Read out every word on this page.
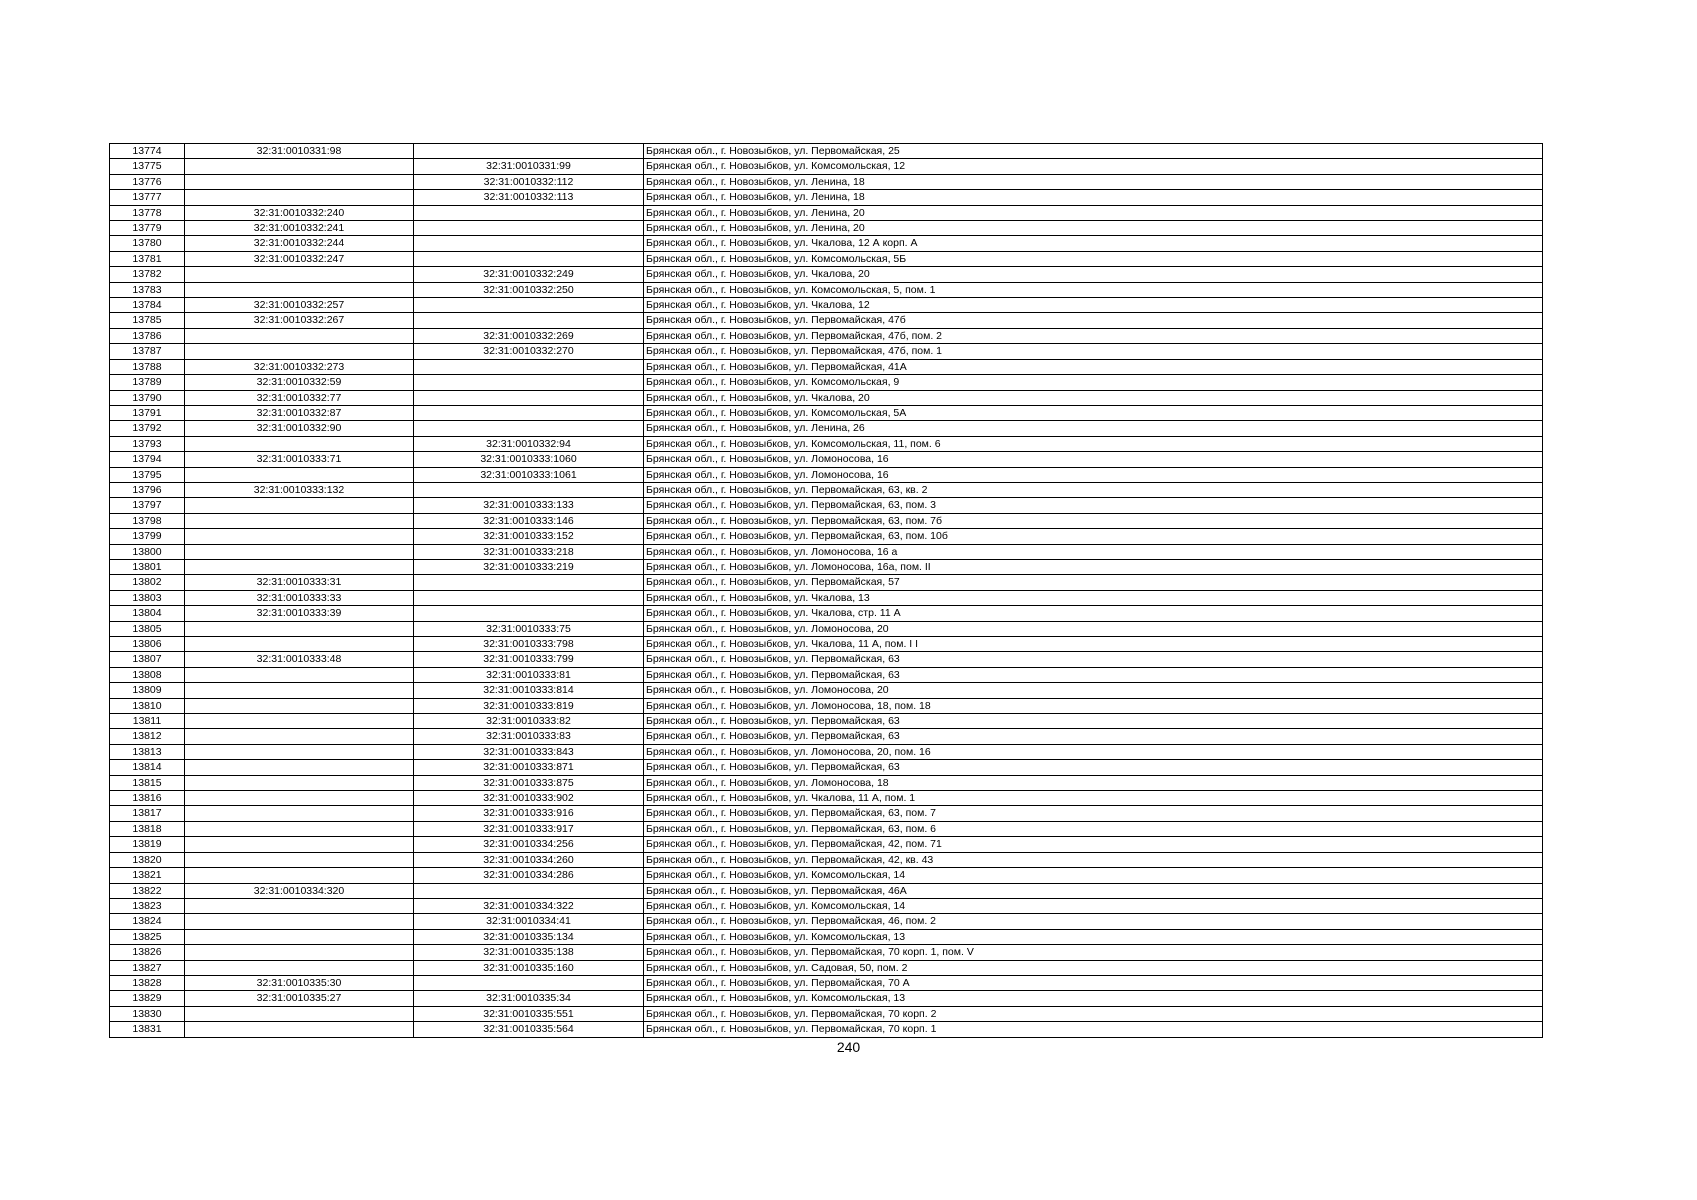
13774	32:31:0010331:98		Брянская обл., г. Новозыбков, ул. Первомайская, 25
13775		32:31:0010331:99	Брянская обл., г. Новозыбков, ул. Комсомольская, 12
13776		32:31:0010332:112	Брянская обл., г. Новозыбков, ул. Ленина, 18
13777		32:31:0010332:113	Брянская обл., г. Новозыбков, ул. Ленина, 18
13778	32:31:0010332:240		Брянская обл., г. Новозыбков, ул. Ленина, 20
13779	32:31:0010332:241		Брянская обл., г. Новозыбков, ул. Ленина, 20
13780	32:31:0010332:244		Брянская обл., г. Новозыбков, ул. Чкалова, 12 А корп. А
13781	32:31:0010332:247		Брянская обл., г. Новозыбков, ул. Комсомольская, 5Б
13782		32:31:0010332:249	Брянская обл., г. Новозыбков, ул. Чкалова, 20
13783		32:31:0010332:250	Брянская обл., г. Новозыбков, ул. Комсомольская, 5, пом. 1
13784	32:31:0010332:257		Брянская обл., г. Новозыбков, ул. Чкалова, 12
13785	32:31:0010332:267		Брянская обл., г. Новозыбков, ул. Первомайская, 47б
13786		32:31:0010332:269	Брянская обл., г. Новозыбков, ул. Первомайская, 47б, пом. 2
13787		32:31:0010332:270	Брянская обл., г. Новозыбков, ул. Первомайская, 47б, пом. 1
13788	32:31:0010332:273		Брянская обл., г. Новозыбков, ул. Первомайская, 41А
13789	32:31:0010332:59		Брянская обл., г. Новозыбков, ул. Комсомольская, 9
13790	32:31:0010332:77		Брянская обл., г. Новозыбков, ул. Чкалова, 20
13791	32:31:0010332:87		Брянская обл., г. Новозыбков, ул. Комсомольская, 5А
13792	32:31:0010332:90		Брянская обл., г. Новозыбков, ул. Ленина, 26
13793		32:31:0010332:94	Брянская обл., г. Новозыбков, ул. Комсомольская, 11, пом. 6
13794	32:31:0010333:71	32:31:0010333:1060	Брянская обл., г. Новозыбков, ул. Ломоносова, 16
13795		32:31:0010333:1061	Брянская обл., г. Новозыбков, ул. Ломоносова, 16
13796	32:31:0010333:132		Брянская обл., г. Новозыбков, ул. Первомайская, 63, кв. 2
13797		32:31:0010333:133	Брянская обл., г. Новозыбков, ул. Первомайская, 63, пом. 3
13798		32:31:0010333:146	Брянская обл., г. Новозыбков, ул. Первомайская, 63, пом. 7б
13799		32:31:0010333:152	Брянская обл., г. Новозыбков, ул. Первомайская, 63, пом. 10б
13800		32:31:0010333:218	Брянская обл., г. Новозыбков, ул. Ломоносова, 16 а
13801		32:31:0010333:219	Брянская обл., г. Новозыбков, ул. Ломоносова, 16а, пом. II
13802	32:31:0010333:31		Брянская обл., г. Новозыбков, ул. Первомайская, 57
13803	32:31:0010333:33		Брянская обл., г. Новозыбков, ул. Чкалова, 13
13804	32:31:0010333:39		Брянская обл., г. Новозыбков, ул. Чкалова, стр. 11 А
13805		32:31:0010333:75	Брянская обл., г. Новозыбков, ул. Ломоносова, 20
13806		32:31:0010333:798	Брянская обл., г. Новозыбков, ул. Чкалова, 11 А, пом. I I
13807	32:31:0010333:48	32:31:0010333:799	Брянская обл., г. Новозыбков, ул. Первомайская, 63
13808		32:31:0010333:81	Брянская обл., г. Новозыбков, ул. Первомайская, 63
13809		32:31:0010333:814	Брянская обл., г. Новозыбков, ул. Ломоносова, 20
13810		32:31:0010333:819	Брянская обл., г. Новозыбков, ул. Ломоносова, 18, пом. 18
13811		32:31:0010333:82	Брянская обл., г. Новозыбков, ул. Первомайская, 63
13812		32:31:0010333:83	Брянская обл., г. Новозыбков, ул. Первомайская, 63
13813		32:31:0010333:843	Брянская обл., г. Новозыбков, ул. Ломоносова, 20, пом. 16
13814		32:31:0010333:871	Брянская обл., г. Новозыбков, ул. Первомайская, 63
13815		32:31:0010333:875	Брянская обл., г. Новозыбков, ул. Ломоносова, 18
13816		32:31:0010333:902	Брянская обл., г. Новозыбков, ул. Чкалова, 11 А, пом. 1
13817		32:31:0010333:916	Брянская обл., г. Новозыбков, ул. Первомайская, 63, пом. 7
13818		32:31:0010333:917	Брянская обл., г. Новозыбков, ул. Первомайская, 63, пом. 6
13819		32:31:0010334:256	Брянская обл., г. Новозыбков, ул. Первомайская, 42, пом. 71
13820		32:31:0010334:260	Брянская обл., г. Новозыбков, ул. Первомайская, 42, кв. 43
13821		32:31:0010334:286	Брянская обл., г. Новозыбков, ул. Комсомольская, 14
13822	32:31:0010334:320		Брянская обл., г. Новозыбков, ул. Первомайская, 46А
13823		32:31:0010334:322	Брянская обл., г. Новозыбков, ул. Комсомольская, 14
13824		32:31:0010334:41	Брянская обл., г. Новозыбков, ул. Первомайская, 46, пом. 2
13825		32:31:0010335:134	Брянская обл., г. Новозыбков, ул. Комсомольская, 13
13826		32:31:0010335:138	Брянская обл., г. Новозыбков, ул. Первомайская, 70 корп. 1, пом. V
13827		32:31:0010335:160	Брянская обл., г. Новозыбков, ул. Садовая, 50, пом. 2
13828	32:31:0010335:30		Брянская обл., г. Новозыбков, ул. Первомайская, 70 А
13829	32:31:0010335:27	32:31:0010335:34	Брянская обл., г. Новозыбков, ул. Комсомольская, 13
13830		32:31:0010335:551	Брянская обл., г. Новозыбков, ул. Первомайская, 70 корп. 2
13831		32:31:0010335:564	Брянская обл., г. Новозыбков, ул. Первомайская, 70 корп. 1
240
